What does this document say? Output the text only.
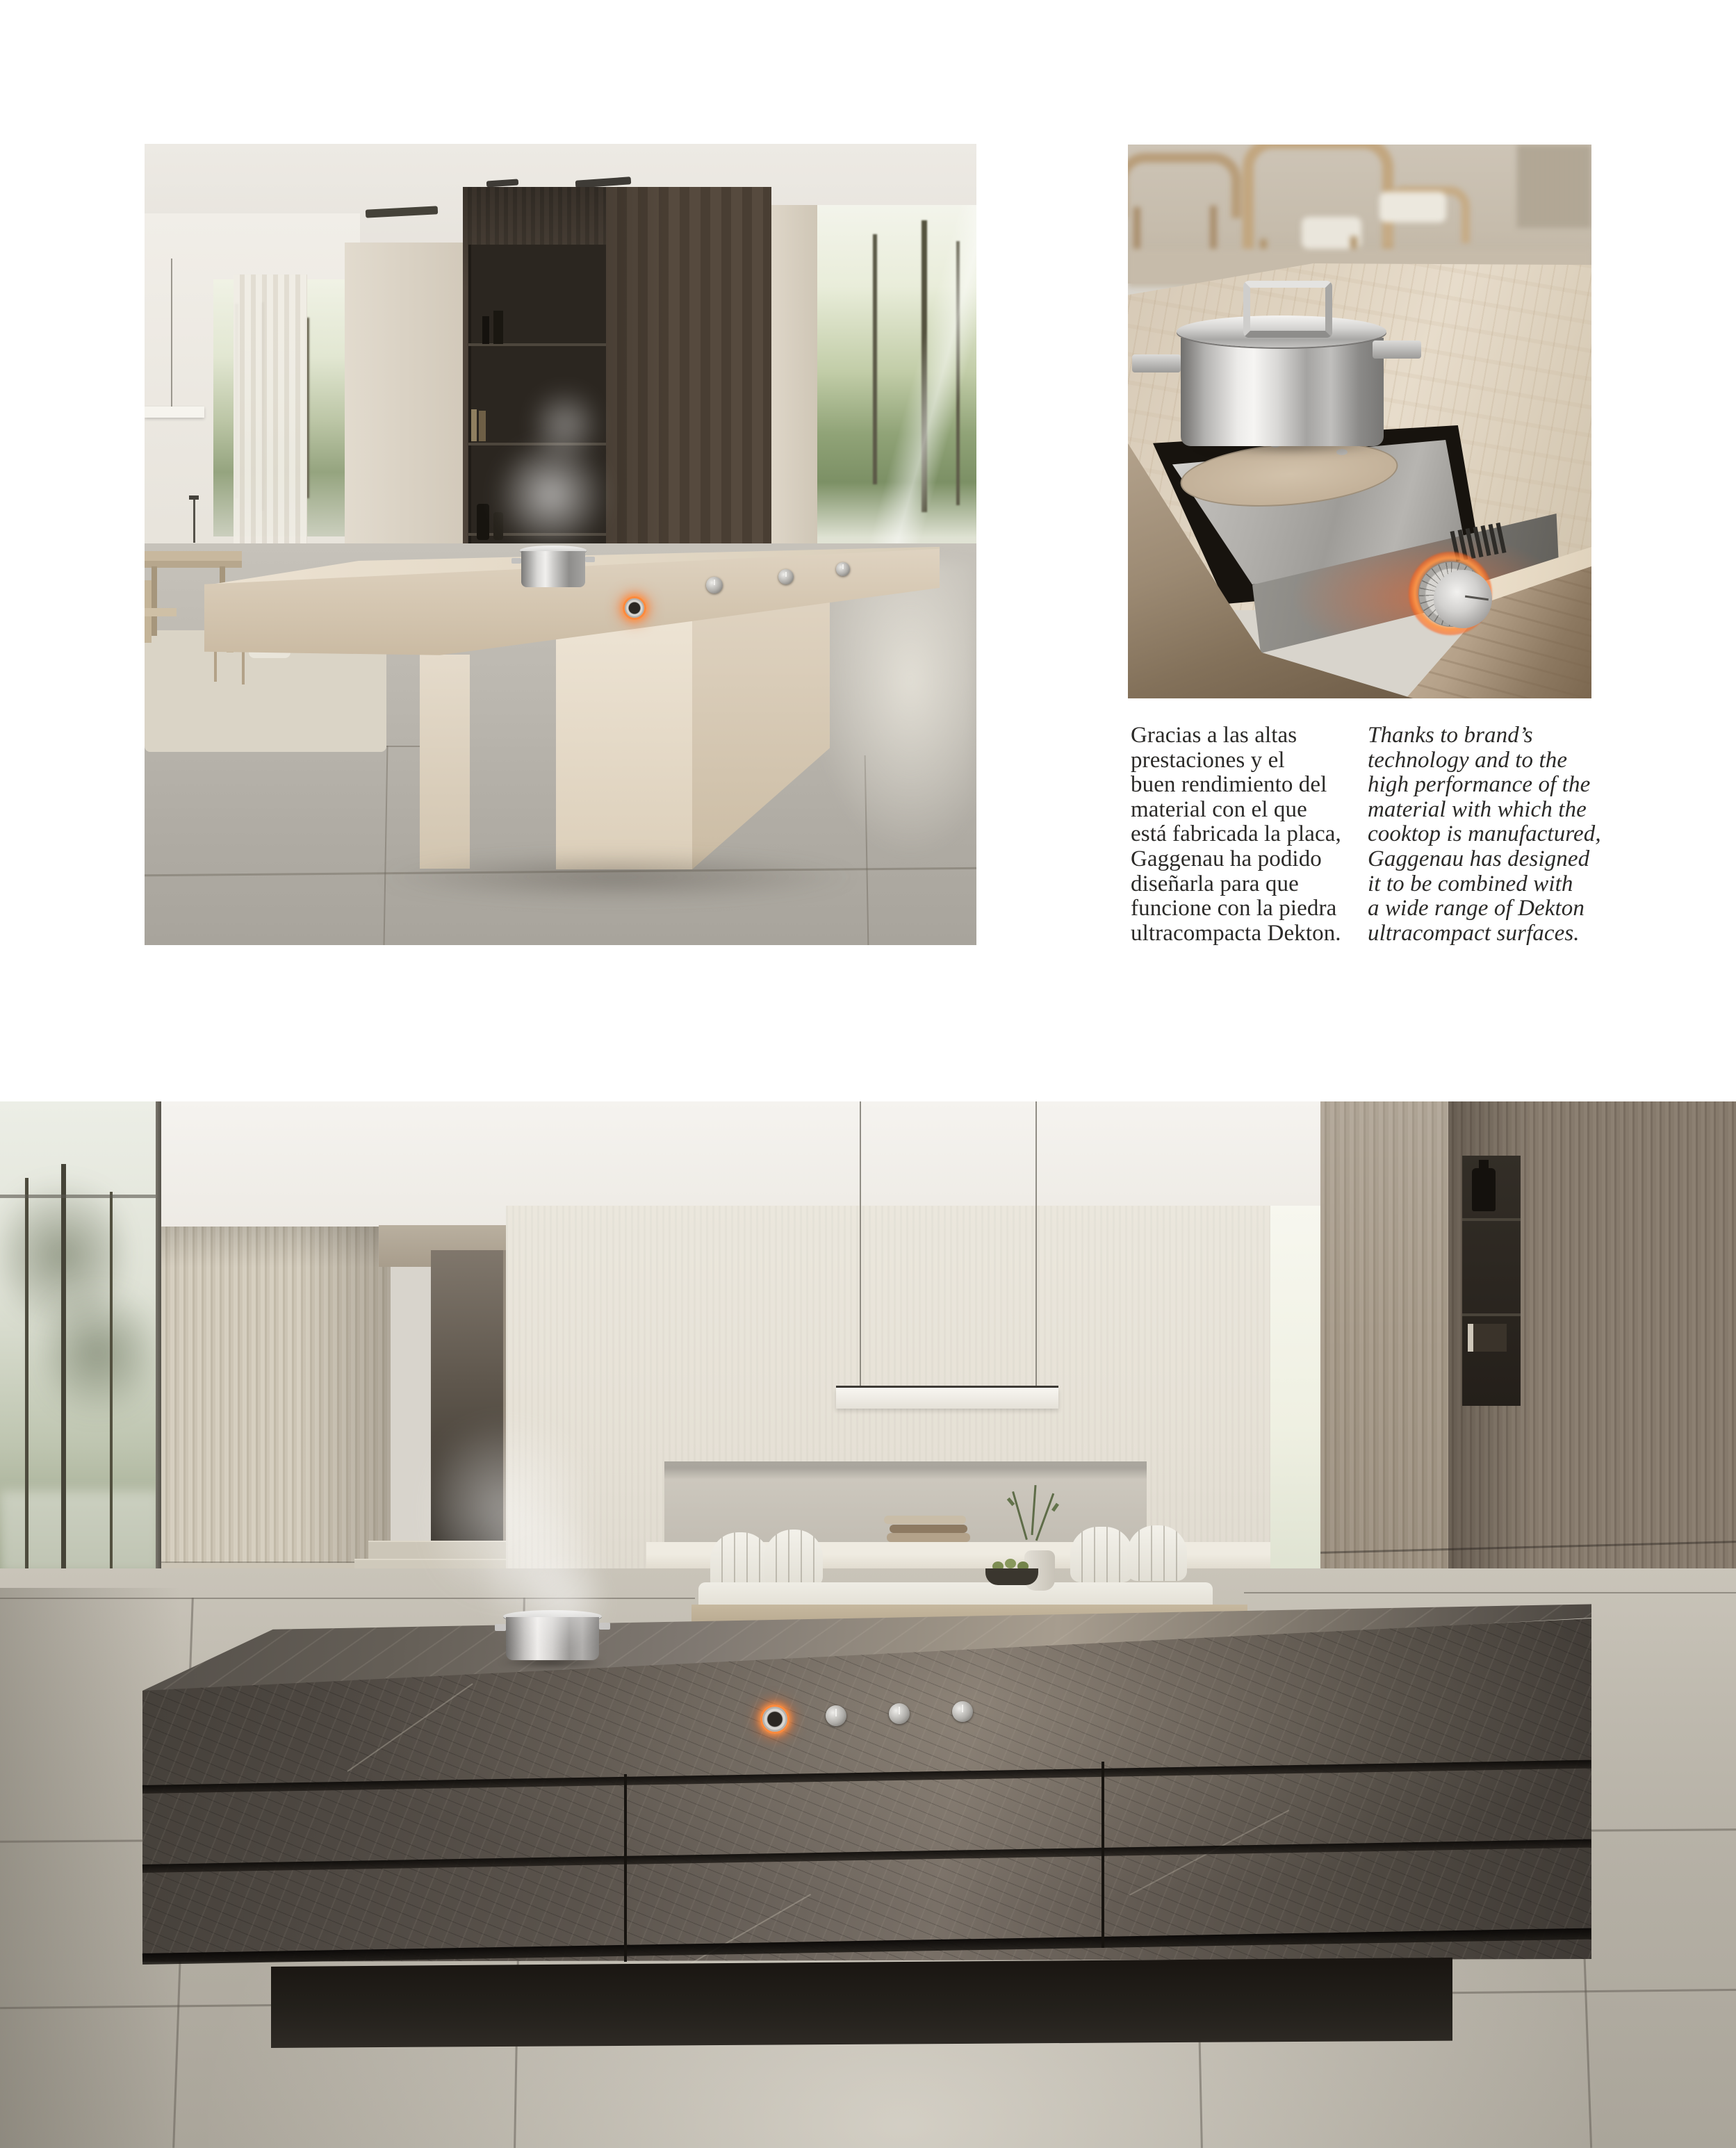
Gracias a las altas
prestaciones y el
buen rendimiento del
material con el que
está fabricada la placa,
Gaggenau ha podido
diseñarla para que
funcione con la piedra
ultracompacta Dekton.
Thanks to brand’s
technology and to the
high performance of the
material with which the
cooktop is manufactured,
Gaggenau has designed
it to be combined with
a wide range of Dekton
ultracompact surfaces.
